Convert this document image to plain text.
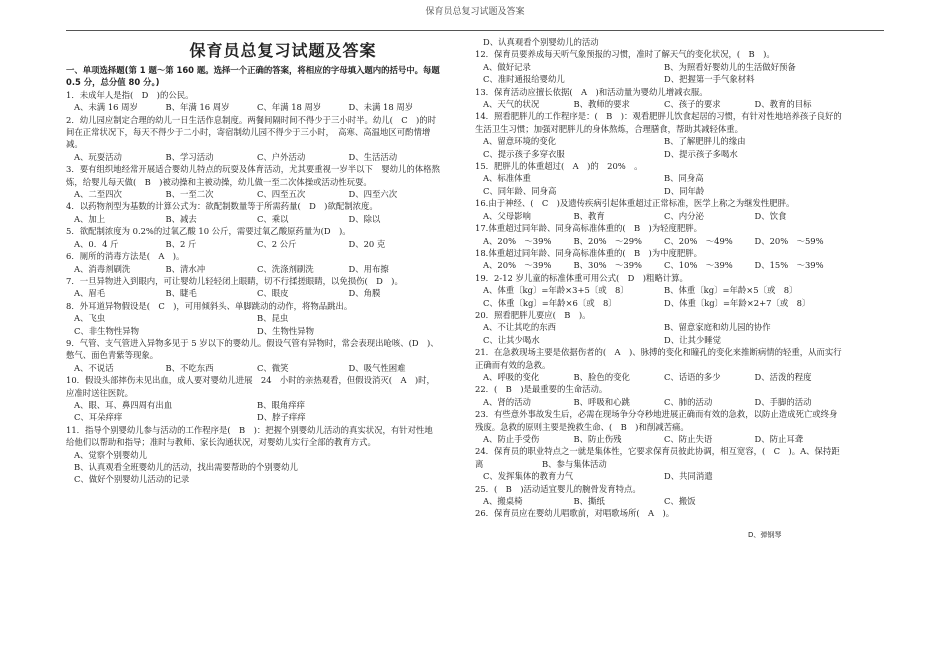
保育员总复习试题及答案
保育员总复习试题及答案
一、单项选择题(第 1 题～第 160 题。选择一个正确的答案，将相应的字母填入题内的括号中。每题 0.5 分，总分值 80 分。)
1．未成年人是指(　D　)的公民。
A、未满 16 周岁	B、年满 16 周岁	C、年满 18 周岁	D、未满 18 周岁
2．幼儿园应制定合理的幼儿一日生活作息制度。两餐间隔时间不得少于三小时半。幼儿(　C　)的时间在正常状况下，每天不得少于二小时，寄宿制幼儿园不得少于三小时，　高寒、高温地区可酌情增减。
A、玩耍活动	B、学习活动	C、户外活动	D、生活活动
3．要有组织地经常开展适合婴幼儿特点的玩耍及体育活动，尤其要重视一岁半以下　婴幼儿的体格熬炼，给婴儿每天做(　B　)被动操和主被动操，幼儿做一至二次体操或活动性玩耍。
A、二至四次	B、一至二次	C、四至五次	D、四至六次
4．以药物剂型为基数的计算公式为：欲配制数量等于所需药量(　D　)欲配制浓度。
A、加上	B、减去	C、乘以	D、除以
5．欲配制浓度为 0.2%的过氧乙酸 10 公斤，需要过氧乙酸原药量为(D　)。
A、0．4 斤	B、2 斤	C、2 公斤	D、20 克
6．厕所的消毒方法是(　A　)。
A、消毒剂刷洗	B、清水冲	C、洗涤剂刷洗	D、用布擦
7．一旦异物进入到眼内，可让婴幼儿轻轻闭上眼睛，切不行揉搓眼睛，以免损伤(　D　)。
A、眉毛	B、睫毛	C、眼皮	D、角膜
8．外耳道异物假设是(　C　)，可用倾斜头、单脚跳动的动作，将物品跳出。
A、飞虫	B、昆虫
C、非生物性异物	D、生物性异物
9．气管、支气管进入异物多见于 5 岁以下的婴幼儿。假设气管有异物时，常会表现出呛咳、(D　)、憋气、面色青紫等现象。
A、不说话	B、不吃东西	C、微笑	D、吸气性困难
10．假设头部摔伤未见出血，成人要对婴幼儿进展　24　小时的亲热观看，但假设消灭(　A　)时，应准时送往医院。
A、眼、耳、鼻四周有出血	B、眼角痒痒
C、耳朵痒痒	D、脖子痒痒
11．指导个别婴幼儿参与活动的工作程序是(　B　)：把握个别婴幼儿活动的真实状况，有针对性地给他们以帮助和指导；准时与教师、家长沟通状况，对婴幼儿实行全部的教育方式。
A、觉察个别婴幼儿
B、认真观看全班婴幼儿的活动，找出需要帮助的个别婴幼儿
C、做好个别婴幼儿活动的记录
D、认真观看个别婴幼儿的活动
12．保育员要养成每天听气象预报的习惯，准时了解天气的变化状况，(　B　)。
A、做好记录	B、为照看好婴幼儿的生活做好预备
C、准时通报给婴幼儿	D、把握第一手气象材料
13．保育活动应擅长依据(　A　)和活动量为婴幼儿增减衣服。
A、天气的状况	B、教师的要求	C、孩子的要求	D、教育的目标
14．照看肥胖儿的工作程序是：(　B　)：观看肥胖儿饮食起居的习惯，有针对性地培养孩子良好的生活卫生习惯；加强对肥胖儿的身体熬炼，合理膳食，帮助其减轻体重。
A、留意环境的变化	B、了解肥胖儿的缘由
C、提示孩子多穿衣服	D、提示孩子多喝水
15．肥胖儿的体重超过(　A　)的　20%　。
A、标准体重	B、同身高
C、同年龄、同身高	D、同年龄
16.由于神经、(　C　)及遗传疾病引起体重超过正常标准，医学上称之为继发性肥胖。
A、父母影响	B、教育	C、内分泌	D、饮食
17.体重超过同年龄、同身高标准体重的(　B　)为轻度肥胖。
A、20%　～39%	B、20%　～29%	C、20%　～49%	D、20%　～59%
18.体重超过同年龄、同身高标准体重的(　B　)为中度肥胖。
A、20%　～39%	B、30%　～39%	C、10%　～39%	D、15%　～39%
19．2-12 岁儿童的标准体重可用公式(　D　)粗略计算。
A、体重〔kg〕=年龄×3+5〔或　8〕	B、体重〔kg〕=年龄×5〔或　8〕
C、体重〔kg〕=年龄×6〔或　8〕	D、体重〔kg〕=年龄×2+7〔或　8〕
20．照看肥胖儿要应(　B　)。
A、不让其吃的东西	B、留意家庭和幼儿园的协作
C、让其少喝水	D、让其少睡觉
21．在急救现场主要是依据伤者的(　A　)、脉搏的变化和瞳孔的变化来推断病情的轻重，从而实行正确而有效的急救。
A、呼吸的变化	B、脸色的变化	C、话语的多少	D、活泼的程度
22．(　B　)是最重要的生命活动。
A、肾的活动	B、呼吸和心跳	C、肺的活动	D、手脚的活动
23．有些意外事故发生后，必需在现场争分夺秒地进展正确而有效的急救，以防止造成死亡或终身残废。急救的原则主要是挽救生命、(　B　)和削减苦痛。
A、防止手受伤	B、防止伤残	C、防止失语	D、防止耳聋
24．保育员的职业特点之一就是集体性，它要求保育员彼此协调，相互宽容，(　C　)。A、保持距离　　　　　　　B、参与集体活动
C、发挥集体的教育力气	D、共同消遣
25．(　B　)活动适宜婴儿的腕骨发育特点。
A、搬桌椅	B、撕纸	C、搬饭
26．保育员应在婴幼儿唱歌前，对唱歌场所(　A　)。
D、弹钢琴
